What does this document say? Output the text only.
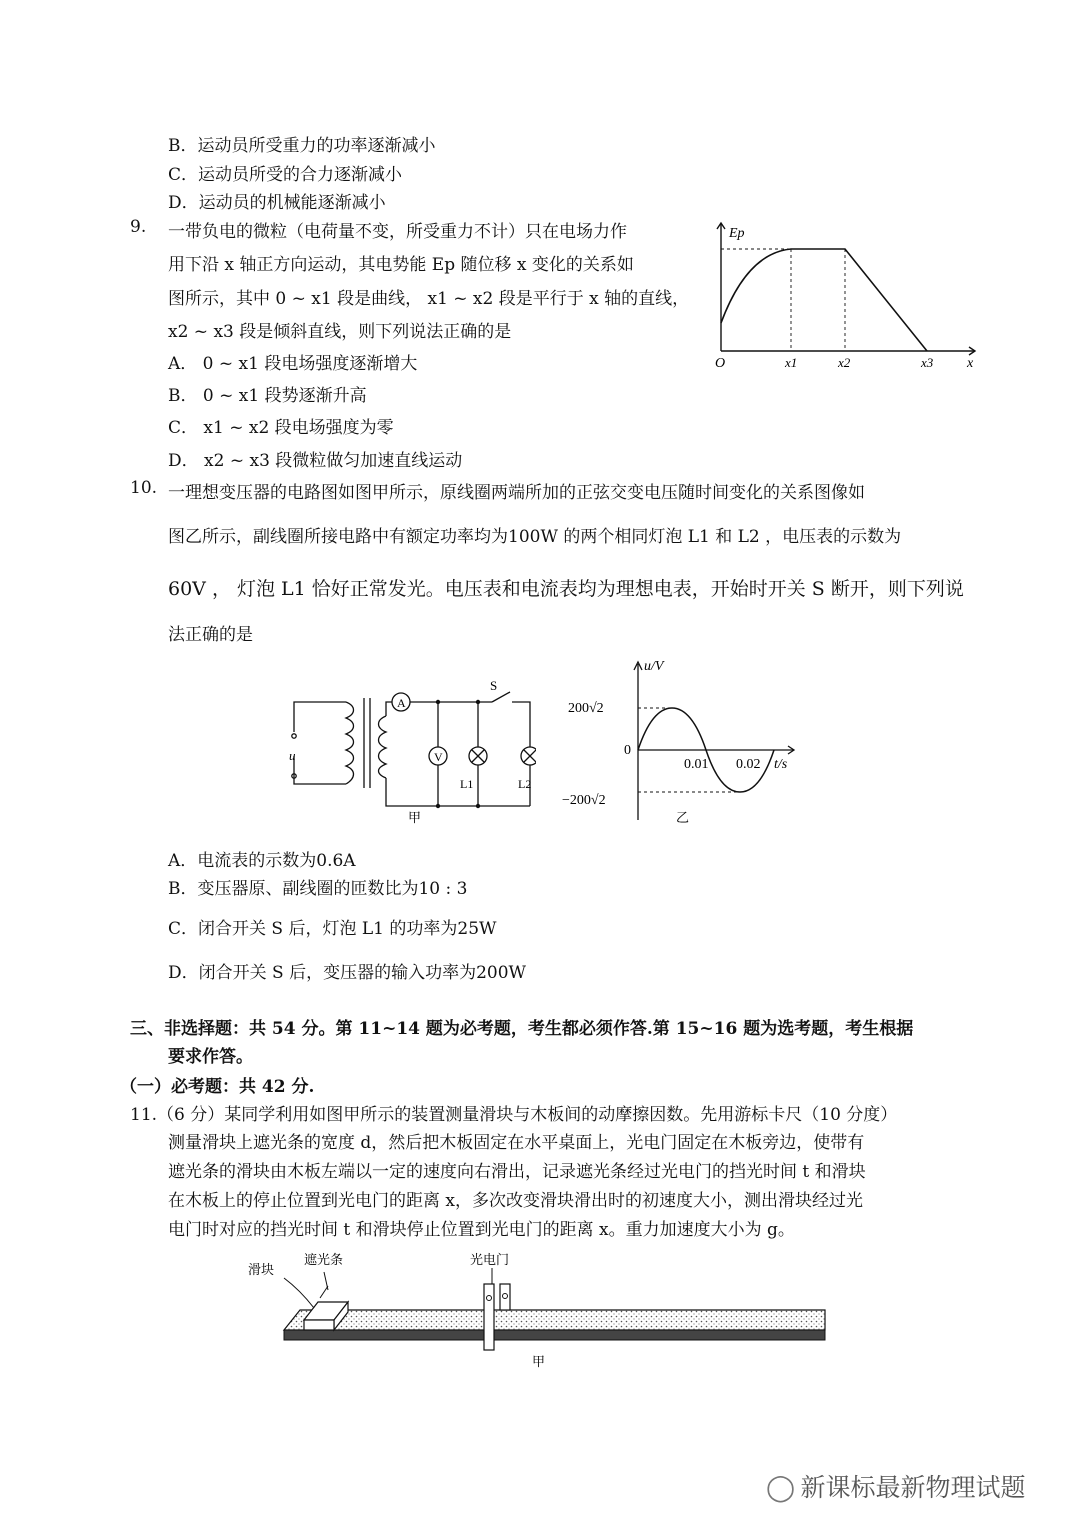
B．运动员所受重力的功率逐渐减小
C．运动员所受的合力逐渐减小
D．运动员的机械能逐渐减小
9. 一带负电的微粒（电荷量不变，所受重力不计）只在电场力作
用下沿 x 轴正方向运动，其电势能 Ep 随位移 x 变化的关系如
图所示，其中 0 ~ x1 段是曲线， x1 ~ x2 段是平行于 x 轴的直线，
x2 ~ x3 段是倾斜直线，则下列说法正确的是
A． 0 ~ x1 段电场强度逐渐增大
B． 0 ~ x1 段势逐渐升高
C． x1 ~ x2 段电场强度为零
D． x2 ~ x3 段微粒做匀加速直线运动
Ep
O	x1	x2	x3 x
10. 一理想变压器的电路图如图甲所示，原线圈两端所加的正弦交变电压随时间变化的关系图像如
图乙所示，副线圈所接电路中有额定功率均为100W 的两个相同灯泡 L1 和 L2 ，电压表的示数为
60V ， 灯泡 L1 恰好正常发光。电压表和电流表均为理想电表，开始时开关 S 断开，则下列说
法正确的是
A
V
u
S
L1	L2
甲
u/V
200√2
0
−200√2
0.01 0.02 t/s
乙
A．电流表的示数为0.6A
B．变压器原、副线圈的匝数比为10 : 3
C．闭合开关 S 后，灯泡 L1 的功率为25W
D．闭合开关 S 后，变压器的输入功率为200W
三、非选择题：共 54 分。第 11~14 题为必考题，考生都必须作答.第 15~16 题为选考题，考生根据
要求作答。
（一）必考题：共 42 分.
11.（6 分）某同学利用如图甲所示的装置测量滑块与木板间的动摩擦因数。先用游标卡尺（10 分度）
测量滑块上遮光条的宽度 d，然后把木板固定在水平桌面上，光电门固定在木板旁边，使带有
遮光条的滑块由木板左端以一定的速度向右滑出，记录遮光条经过光电门的挡光时间 t 和滑块
在木板上的停止位置到光电门的距离 x，多次改变滑块滑出时的初速度大小，测出滑块经过光
电门时对应的挡光时间 t 和滑块停止位置到光电门的距离 x。重力加速度大小为 g。
滑块
遮光条	光电门
甲
◯ 新课标最新物理试题
